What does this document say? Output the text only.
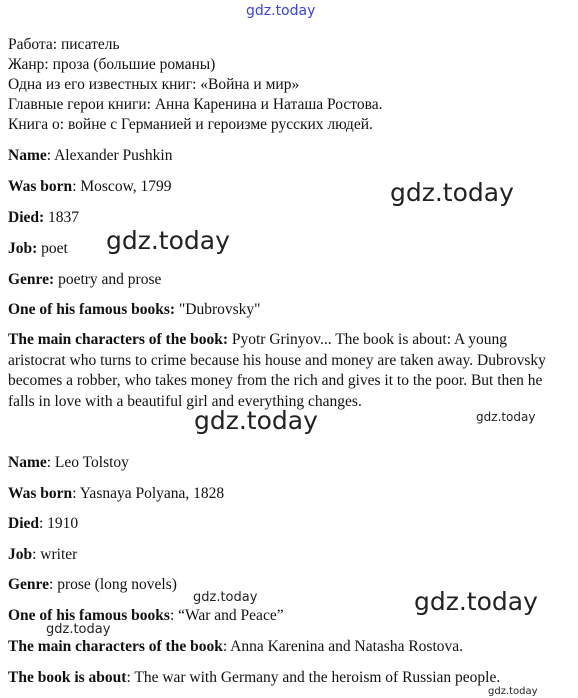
gdz.today
Работа: писатель
Жанр: проза (большие романы)
Одна из его известных книг: «Война и мир»
Главные герои книги: Анна Каренина и Наташа Ростова.
Книга о: войне с Германией и героизме русских людей.
Name: Alexander Pushkin
Was born: Moscow, 1799
Died: 1837
Job: poet
Genre: poetry and prose
One of his famous books: "Dubrovsky"
The main characters of the book: Pyotr Grinyov... The book is about: A young aristocrat who turns to crime because his house and money are taken away. Dubrovsky becomes a robber, who takes money from the rich and gives it to the poor. But then he falls in love with a beautiful girl and everything changes.
Name: Leo Tolstoy
Was born: Yasnaya Polyana, 1828
Died: 1910
Job: writer
Genre: prose (long novels)
One of his famous books: “War and Peace”
The main characters of the book: Anna Karenina and Natasha Rostova.
The book is about: The war with Germany and the heroism of Russian people.
gdz.today
gdz.today
gdz.today	gdz.today
gdz.today	gdz.today
gdz.today
gdz.today
